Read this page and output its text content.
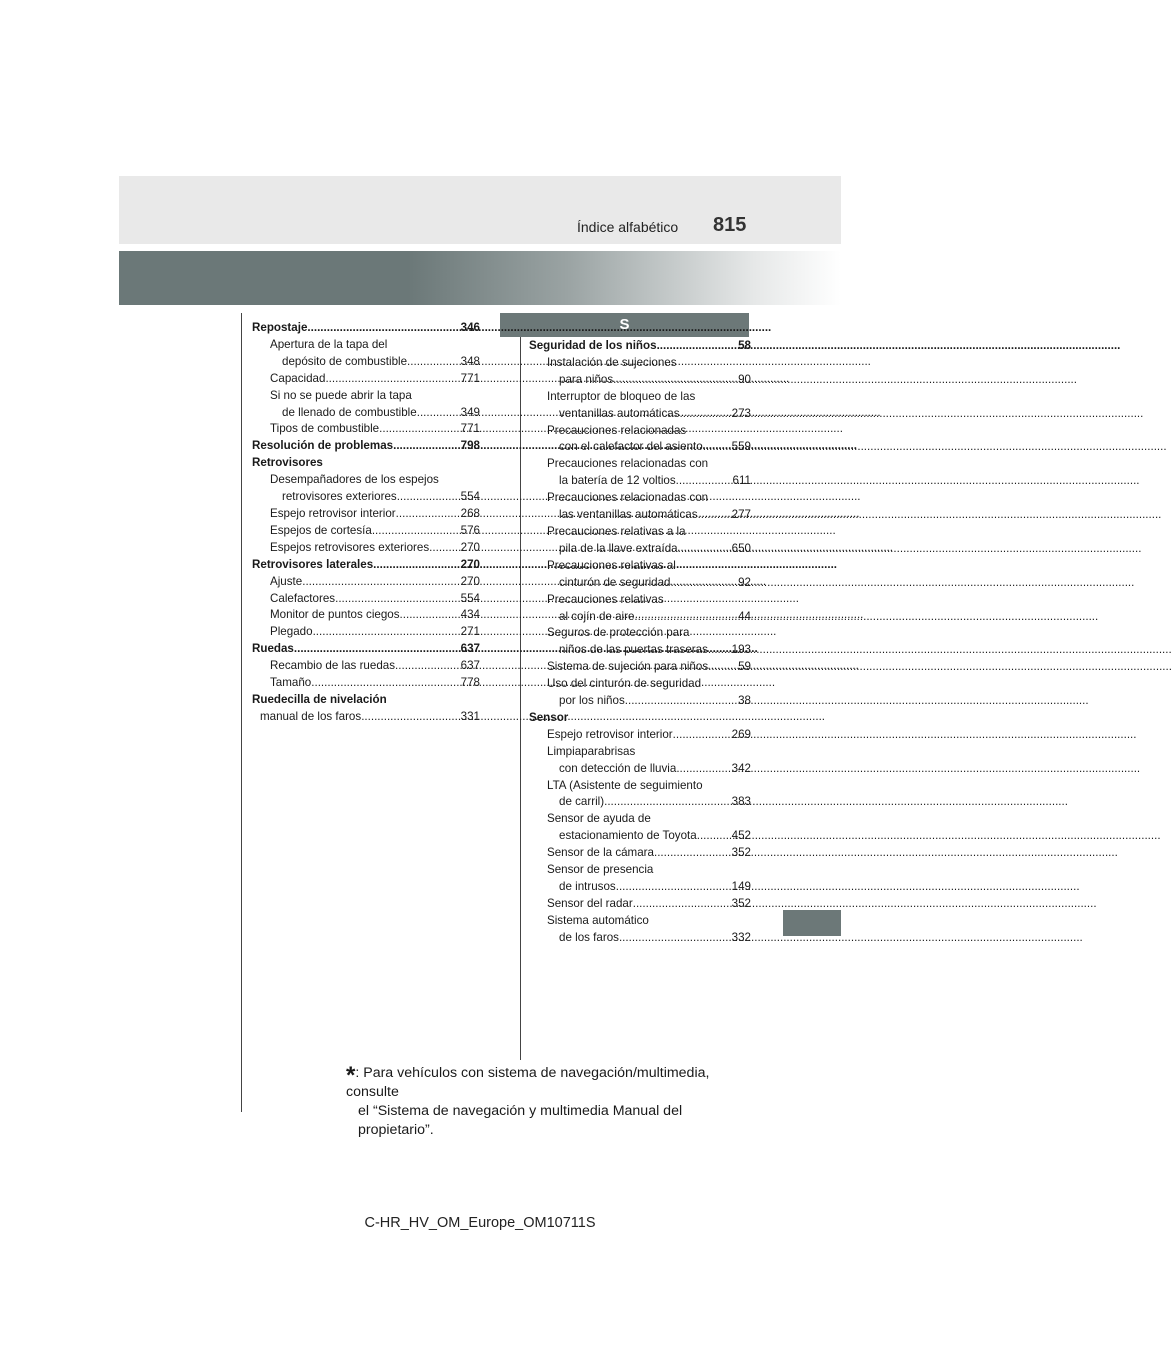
Índice alfabético	815
S
Repostaje .....	346
Apertura de la tapa del
depósito de combustible .....	348
Capacidad .....	771
Si no se puede abrir la tapa
de llenado de combustible .....	349
Tipos de combustible .....	771
Resolución de problemas .....	798
Retrovisores
Desempañadores de los espejos
retrovisores exteriores .....	554
Espejo retrovisor interior .....	268
Espejos de cortesía .....	576
Espejos retrovisores exteriores .....	270
Retrovisores laterales .....	270
Ajuste .....	270
Calefactores .....	554
Monitor de puntos ciegos .....	434
Plegado .....	271
Ruedas .....	637
Recambio de las ruedas .....	637
Tamaño .....	778
Ruedecilla de nivelación
manual de los faros .....	331
Seguridad de los niños .....	58
Instalación de sujeciones
para niños .....	90
Interruptor de bloqueo de las
ventanillas automáticas .....	273
Precauciones relacionadas
con el calefactor del asiento ..... 559
Precauciones relacionadas con
la batería de 12 voltios .....	611
Precauciones relacionadas con
las ventanillas automáticas .....	277
Precauciones relativas a la
pila de la llave extraída .....	650
Precauciones relativas al
cinturón de seguridad .....	92
Precauciones relativas
al cojín de aire .....	44
Seguros de protección para
niños de las puertas traseras ..... 193
Sistema de sujeción para niños .....	59
Uso del cinturón de seguridad
por los niños .....	38
Sensor
Espejo retrovisor interior .....	269
Limpiaparabrisas
con detección de lluvia .....	342
LTA (Asistente de seguimiento
de carril) .....	383
Sensor de ayuda de
estacionamiento de Toyota .....	452
Sensor de la cámara .....	352
Sensor de presencia
de intrusos .....	149
Sensor del radar .....	352
Sistema automático
de los faros .....	332
*: Para vehículos con sistema de navegación/multimedia, consulte
el “Sistema de navegación y multimedia Manual del propietario”.
C-HR_HV_OM_Europe_OM10711S
